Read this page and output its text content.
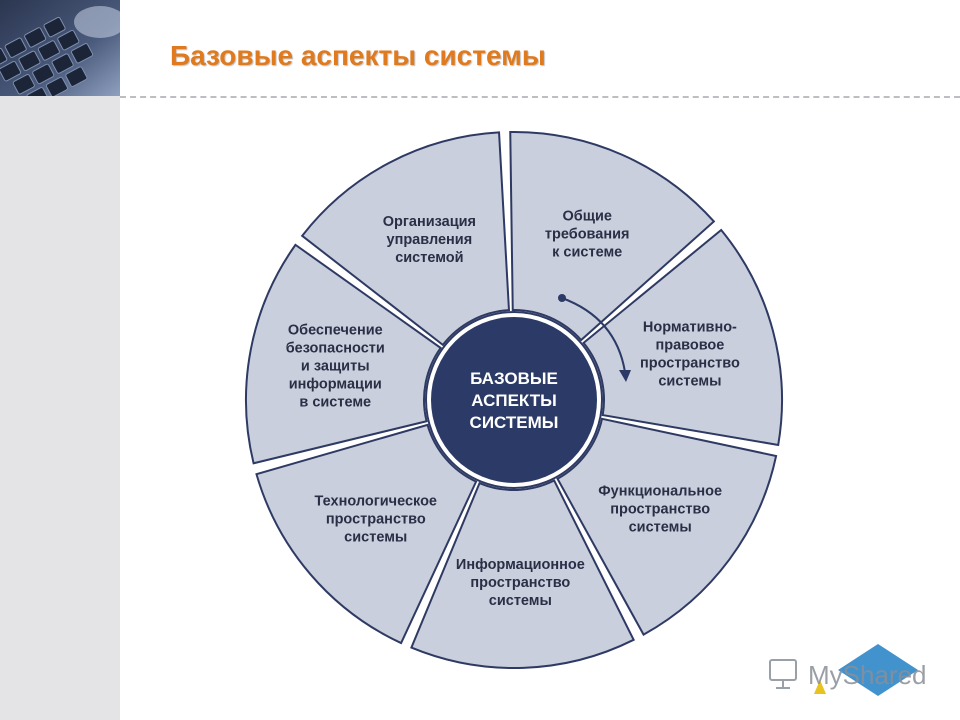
Базовые аспекты системы
Общие требования к системе
Нормативно-правовое пространство системы
Функциональное пространство системы
Информационное пространство системы
Технологическое пространство системы
Обеспечение безопасности и защиты информации в системе
Организация управления системой
БАЗОВЫЕ АСПЕКТЫ СИСТЕМЫ
MyShared
